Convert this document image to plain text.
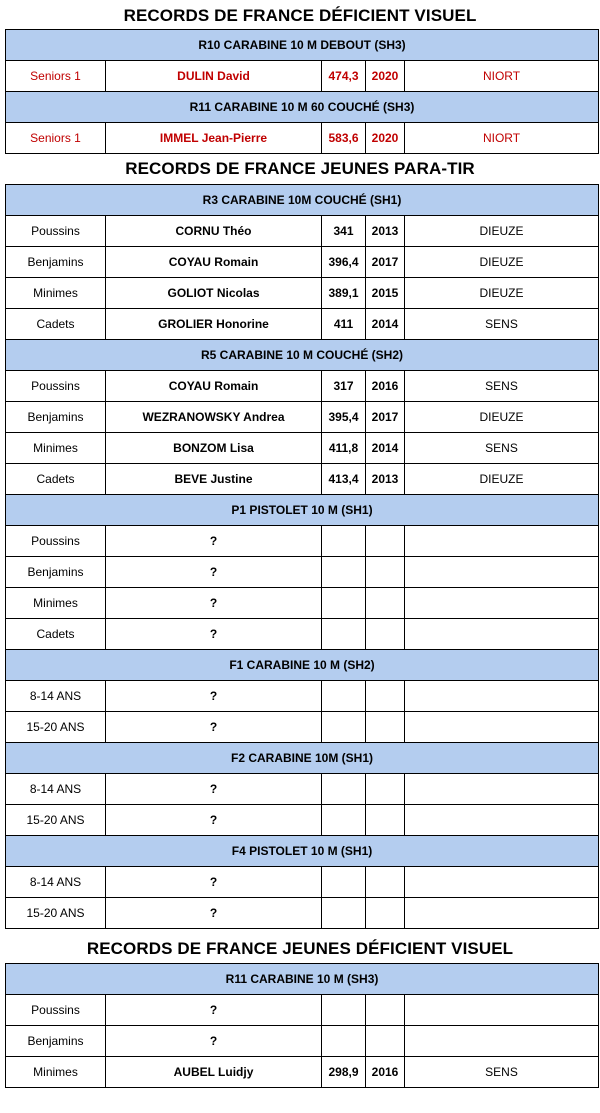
RECORDS DE FRANCE DÉFICIENT VISUEL
R10 CARABINE 10 M DEBOUT (SH3)				
Seniors 1	DULIN David	474,3	2020	NIORT
R11 CARABINE 10 M 60 COUCHÉ (SH3)				
Seniors 1	IMMEL Jean-Pierre	583,6	2020	NIORT
RECORDS DE FRANCE JEUNES PARA-TIR
R3 CARABINE 10M COUCHÉ (SH1)				
Poussins	CORNU Théo	341	2013	DIEUZE
Benjamins	COYAU Romain	396,4	2017	DIEUZE
Minimes	GOLIOT Nicolas	389,1	2015	DIEUZE
Cadets	GROLIER Honorine	411	2014	SENS
R5 CARABINE 10 M COUCHÉ (SH2)				
Poussins	COYAU Romain	317	2016	SENS
Benjamins	WEZRANOWSKY Andrea	395,4	2017	DIEUZE
Minimes	BONZOM Lisa	411,8	2014	SENS
Cadets	BEVE Justine	413,4	2013	DIEUZE
P1 PISTOLET 10 M (SH1)				
Poussins	?			
Benjamins	?			
Minimes	?			
Cadets	?			
F1 CARABINE 10 M (SH2)				
8-14 ANS	?			
15-20 ANS	?			
F2 CARABINE 10M (SH1)				
8-14 ANS	?			
15-20 ANS	?			
F4 PISTOLET 10 M (SH1)				
8-14 ANS	?			
15-20 ANS	?			
RECORDS DE FRANCE JEUNES DÉFICIENT VISUEL
R11 CARABINE 10 M (SH3)				
Poussins	?			
Benjamins	?			
Minimes	AUBEL Luidjy	298,9	2016	SENS
